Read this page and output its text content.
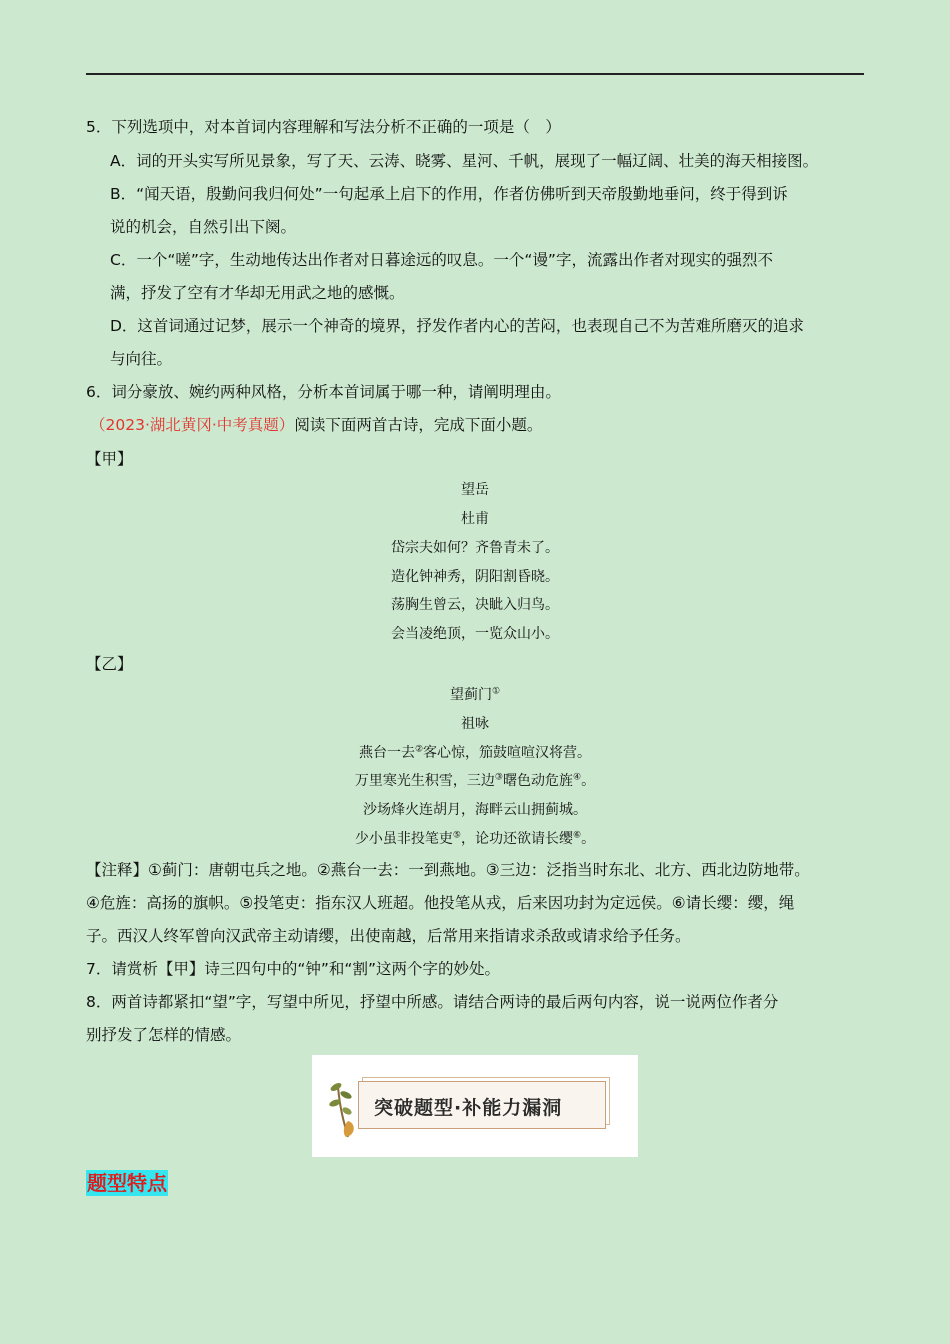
5．下列选项中，对本首词内容理解和写法分析不正确的一项是（　）
A．词的开头实写所见景象，写了天、云涛、晓雾、星河、千帆，展现了一幅辽阔、壮美的海天相接图。
B．“闻天语，殷勤问我归何处”一句起承上启下的作用，作者仿佛听到天帝殷勤地垂问，终于得到诉
说的机会，自然引出下阕。
C．一个“嗟”字，生动地传达出作者对日暮途远的叹息。一个“谩”字，流露出作者对现实的强烈不
满，抒发了空有才华却无用武之地的感慨。
D．这首词通过记梦，展示一个神奇的境界，抒发作者内心的苦闷，也表现自己不为苦难所磨灭的追求
与向往。
6．词分豪放、婉约两种风格，分析本首词属于哪一种，请阐明理由。
（2023·湖北黄冈·中考真题）阅读下面两首古诗，完成下面小题。
【甲】
望岳
杜甫
岱宗夫如何？齐鲁青未了。
造化钟神秀，阴阳割昏晓。
荡胸生曾云，决眦入归鸟。
会当凌绝顶，一览众山小。
【乙】
望蓟门①
祖咏
燕台一去②客心惊，笳鼓喧喧汉将营。
万里寒光生积雪，三边③曙色动危旌④。
沙场烽火连胡月，海畔云山拥蓟城。
少小虽非投笔吏⑤，论功还欲请长缨⑥。
【注释】①蓟门：唐朝屯兵之地。②燕台一去：一到燕地。③三边：泛指当时东北、北方、西北边防地带。
④危旌：高扬的旗帜。⑤投笔吏：指东汉人班超。他投笔从戎，后来因功封为定远侯。⑥请长缨：缨，绳
子。西汉人终军曾向汉武帝主动请缨，出使南越，后常用来指请求杀敌或请求给予任务。
7．请赏析【甲】诗三四句中的“钟”和“割”这两个字的妙处。
8．两首诗都紧扣“望”字，写望中所见，抒望中所感。请结合两诗的最后两句内容，说一说两位作者分
别抒发了怎样的情感。
突破题型·补能力漏洞
题型特点
